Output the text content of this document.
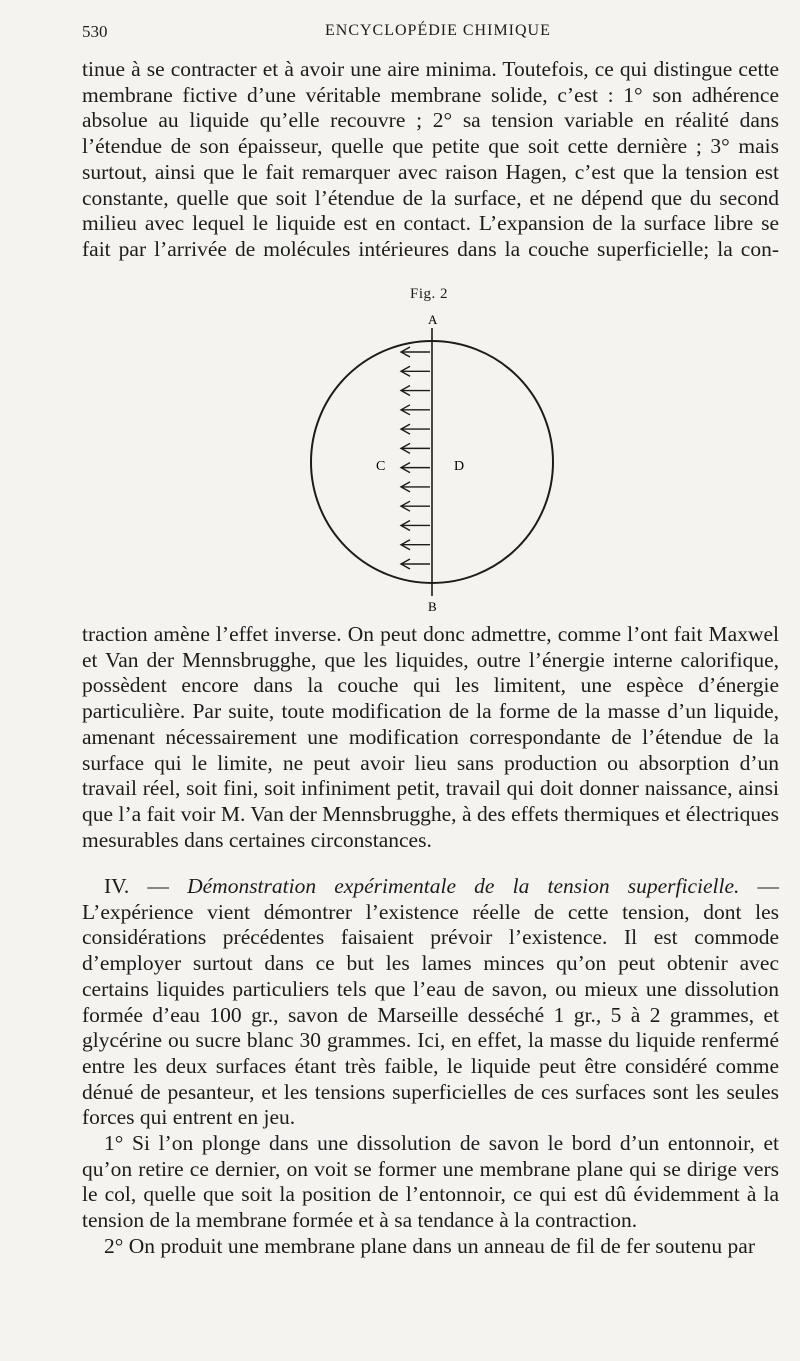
530	ENCYCLOPÉDIE CHIMIQUE

tinue à se contracter et à avoir une aire minima. Toutefois, ce qui distingue cette membrane fictive d’une véritable membrane solide, c’est : 1° son adhérence absolue au liquide qu’elle recouvre ; 2° sa tension variable en réalité dans l’étendue de son épaisseur, quelle que petite que soit cette dernière ; 3° mais surtout, ainsi que le fait remarquer avec raison Hagen, c’est que la tension est constante, quelle que soit l’étendue de la surface, et ne dépend que du second milieu avec lequel le liquide est en contact. L’expansion de la surface libre se fait par l’arrivée de molécules intérieures dans la couche superficielle; la con-

Fig. 2
A
B
C	D

traction amène l’effet inverse. On peut donc admettre, comme l’ont fait Maxwel et Van der Mennsbrugghe, que les liquides, outre l’énergie interne calorifique, possèdent encore dans la couche qui les limitent, une espèce d’énergie particulière. Par suite, toute modification de la forme de la masse d’un liquide, amenant nécessairement une modification correspondante de l’étendue de la surface qui le limite, ne peut avoir lieu sans production ou absorption d’un travail réel, soit fini, soit infiniment petit, travail qui doit donner naissance, ainsi que l’a fait voir M. Van der Mennsbrugghe, à des effets thermiques et électriques mesurables dans certaines circonstances.

IV. — Démonstration expérimentale de la tension superficielle. — L’expérience vient démontrer l’existence réelle de cette tension, dont les considérations précédentes faisaient prévoir l’existence. Il est commode d’employer surtout dans ce but les lames minces qu’on peut obtenir avec certains liquides particuliers tels que l’eau de savon, ou mieux une dissolution formée d’eau 100 gr., savon de Marseille desséché 1 gr., 5 à 2 grammes, et glycérine ou sucre blanc 30 grammes. Ici, en effet, la masse du liquide renfermé entre les deux surfaces étant très faible, le liquide peut être considéré comme dénué de pesanteur, et les tensions superficielles de ces surfaces sont les seules forces qui entrent en jeu.

1° Si l’on plonge dans une dissolution de savon le bord d’un entonnoir, et qu’on retire ce dernier, on voit se former une membrane plane qui se dirige vers le col, quelle que soit la position de l’entonnoir, ce qui est dû évidemment à la tension de la membrane formée et à sa tendance à la contraction.

2° On produit une membrane plane dans un anneau de fil de fer soutenu par
